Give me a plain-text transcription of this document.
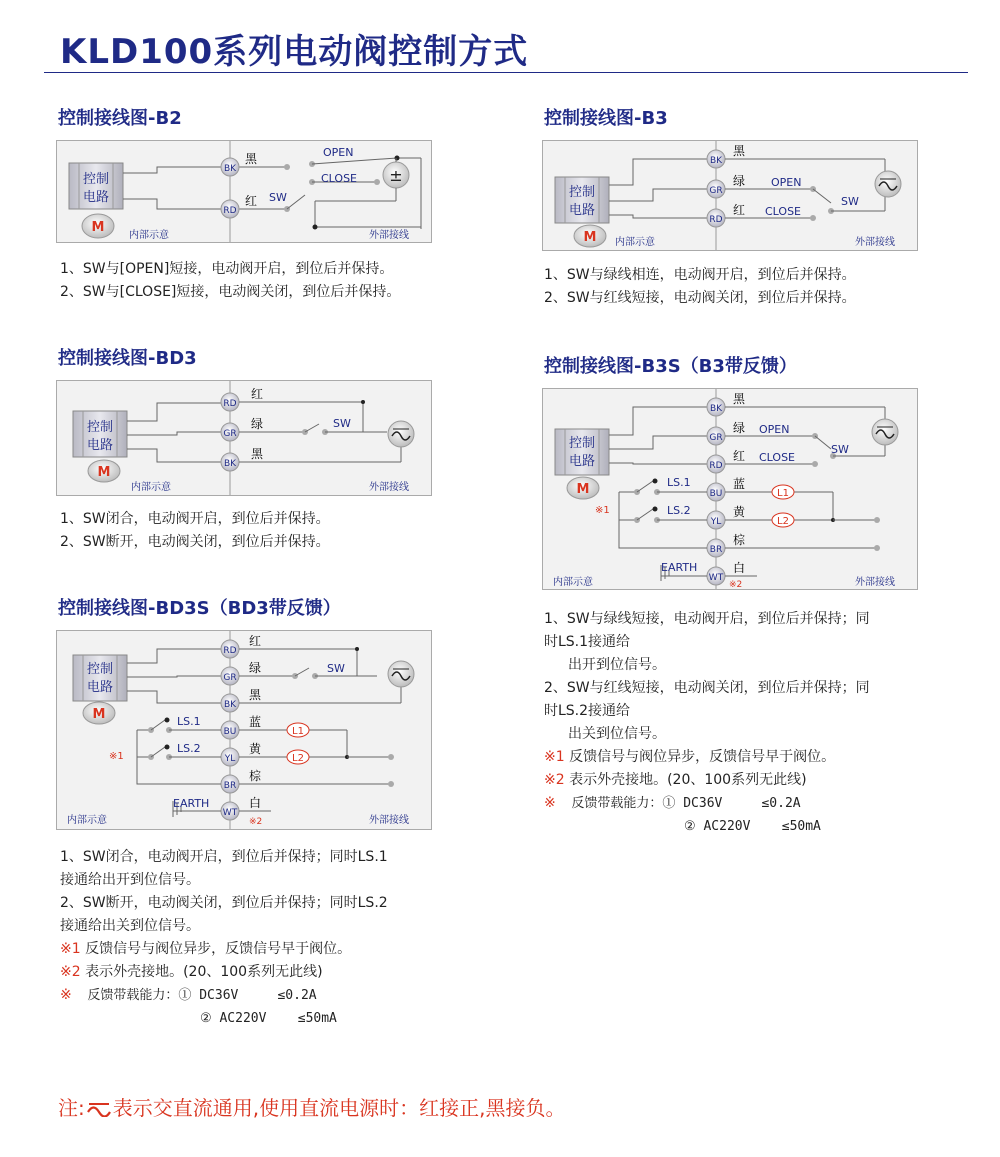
KLD100系列电动阀控制方式
控制接线图-B2
控制
电路
M
BK
RD
黑
红 SW
OPEN
CLOSE ±
内部示意	外部接线
1、SW与[OPEN]短接，电动阀开启，到位后并保持。
2、SW与[CLOSE]短接，电动阀关闭，到位后并保持。
控制接线图-B3
控制
电路
M
BK
GR
RD
黑
绿
红
OPEN
CLOSE
SW
内部示意	外部接线
1、SW与绿线相连，电动阀开启，到位后并保持。
2、SW与红线短接，电动阀关闭，到位后并保持。
控制接线图-BD3
控制
电路
M
RD
GR
BK
红
绿
黑
SW
内部示意	外部接线
1、SW闭合，电动阀开启，到位后并保持。
2、SW断开，电动阀关闭，到位后并保持。
控制接线图-B3S（B3带反馈）
控制
电路
M
BK
GR
RD
BU
YL
BR
WT
黑
绿
红
蓝
黄
棕
白
OPEN
CLOSE
SW
LS.1
LS.2
※1
L1
L2
EARTH
※2
内部示意	外部接线
1、SW与绿线短接，电动阀开启，到位后并保持；同
时LS.1接通给
出开到位信号。
2、SW与红线短接，电动阀关闭，到位后并保持；同
时LS.2接通给
出关到位信号。
※1 反馈信号与阀位异步，反馈信号早于阀位。
※2 表示外壳接地。(20、100系列无此线)
※  反馈带载能力：① DC36V     ≤0.2A
② AC220V    ≤50mA
控制接线图-BD3S（BD3带反馈）
控制
电路
M
RD
GR
BK
BU
YL
BR
WT
红
绿
黑
蓝
黄
棕
白
SW
LS.1
LS.2
※1
L1
L2
EARTH
※2
内部示意	外部接线
1、SW闭合，电动阀开启，到位后并保持；同时LS.1
接通给出开到位信号。
2、SW断开，电动阀关闭，到位后并保持；同时LS.2
接通给出关到位信号。
※1 反馈信号与阀位异步，反馈信号早于阀位。
※2 表示外壳接地。(20、100系列无此线)
※  反馈带载能力：① DC36V     ≤0.2A
② AC220V    ≤50mA
注: 表示交直流通用,使用直流电源时：红接正,黑接负。
